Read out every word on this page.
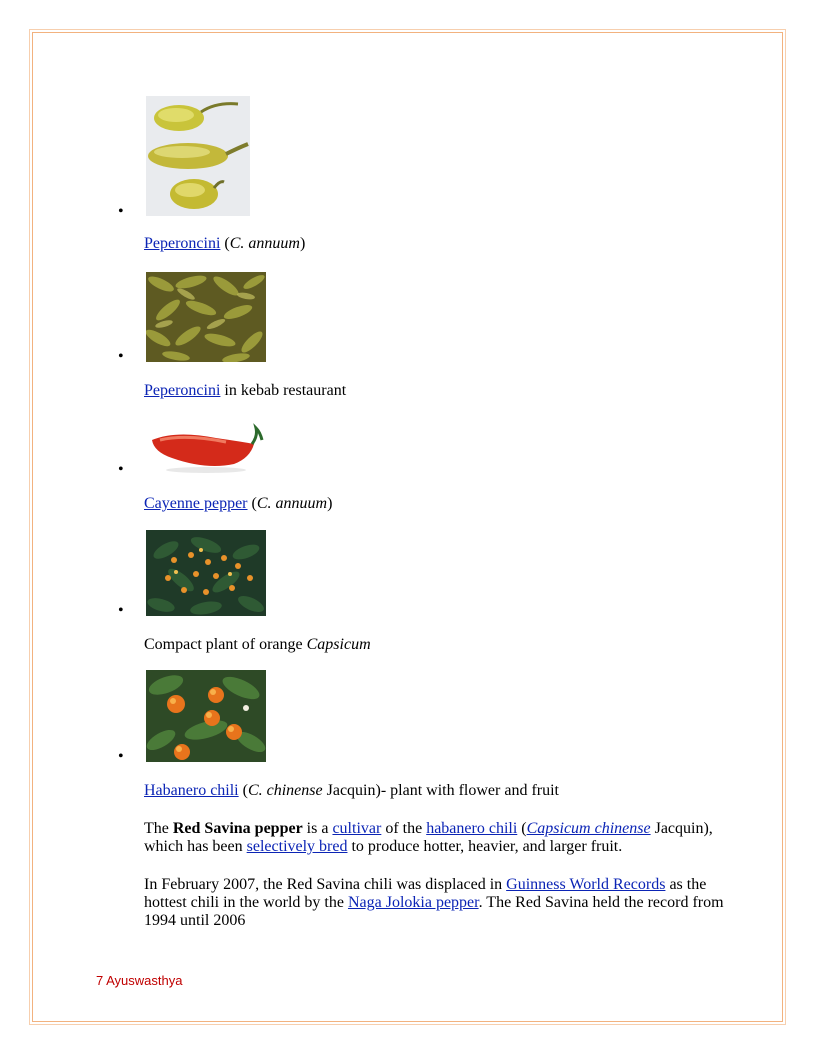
•
Peperoncini (C. annuum)
•
Peperoncini in kebab restaurant
•
Cayenne pepper (C. annuum)
•
Compact plant of orange Capsicum
•
Habanero chili (C. chinense Jacquin)- plant with flower and fruit

The Red Savina pepper is a cultivar of the habanero chili (Capsicum chinense Jacquin), which has been selectively bred to produce hotter, heavier, and larger fruit.

In February 2007, the Red Savina chili was displaced in Guinness World Records as the hottest chili in the world by the Naga Jolokia pepper. The Red Savina held the record from 1994 until 2006

7 Ayuswasthya
